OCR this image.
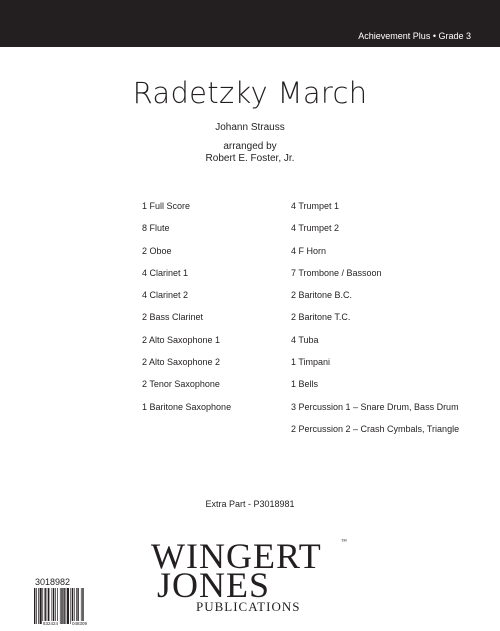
Achievement Plus • Grade 3
Radetzky March
Johann Strauss
arranged by
Robert E. Foster, Jr.
1 Full Score
8 Flute
2 Oboe
4 Clarinet 1
4 Clarinet 2
2 Bass Clarinet
2 Alto Saxophone 1
2 Alto Saxophone 2
2 Tenor Saxophone
1 Baritone Saxophone
4 Trumpet 1
4 Trumpet 2
4 F Horn
7 Trombone / Bassoon
2 Baritone B.C.
2 Baritone T.C.
4 Tuba
1 Timpani
1 Bells
3 Percussion 1 – Snare Drum, Bass Drum
2 Percussion 2 – Crash Cymbals, Triangle
Extra Part - P3018981
WINGERT	™
JONES
PUBLICATIONS
3018982
832424	048309
